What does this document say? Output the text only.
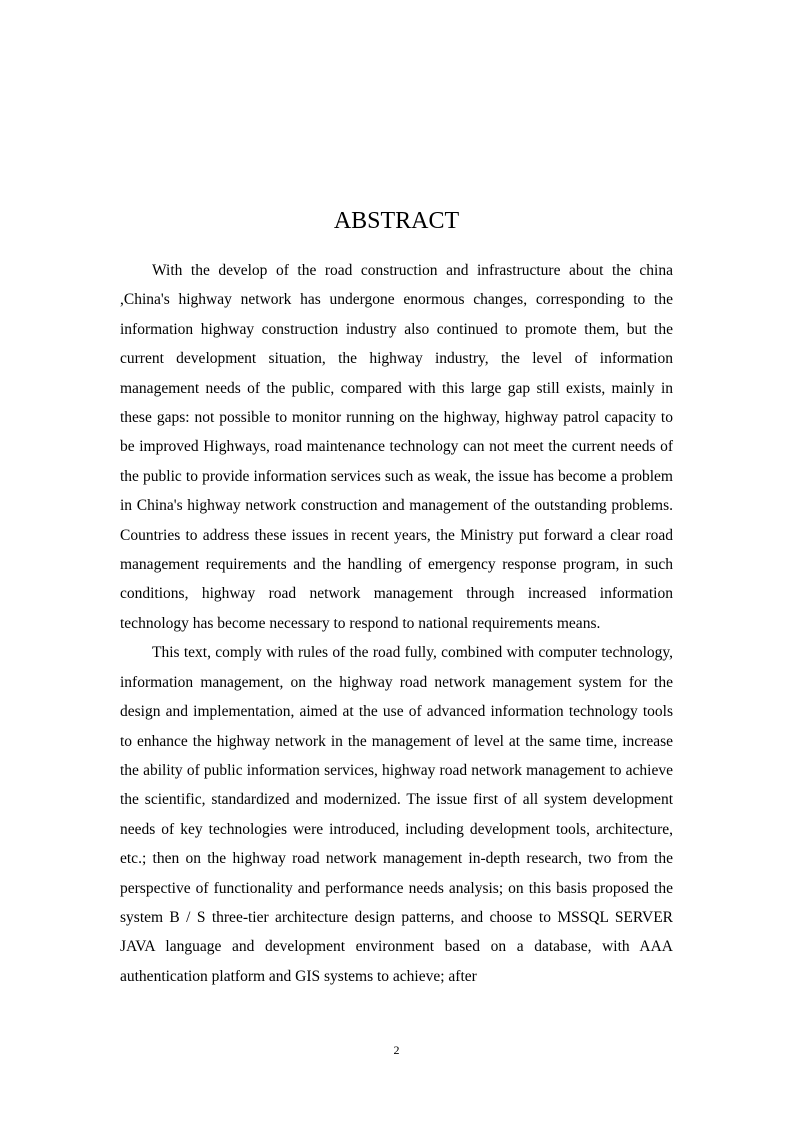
ABSTRACT

With the develop of the road construction and infrastructure about the china ,China's highway network has undergone enormous changes, corresponding to the information highway construction industry also continued to promote them, but the current development situation, the highway industry, the level of information management needs of the public, compared with this large gap still exists, mainly in these gaps: not possible to monitor running on the highway, highway patrol capacity to be improved Highways, road maintenance technology can not meet the current needs of the public to provide information services such as weak, the issue has become a problem in China's highway network construction and management of the outstanding problems. Countries to address these issues in recent years, the Ministry put forward a clear road management requirements and the handling of emergency response program, in such conditions, highway road network management through increased information technology has become necessary to respond to national requirements means.

This text, comply with rules of the road fully, combined with computer technology, information management, on the highway road network management system for the design and implementation, aimed at the use of advanced information technology tools to enhance the highway network in the management of level at the same time, increase the ability of public information services, highway road network management to achieve the scientific, standardized and modernized. The issue first of all system development needs of key technologies were introduced, including development tools, architecture, etc.; then on the highway road network management in-depth research, two from the perspective of functionality and performance needs analysis; on this basis proposed the system B / S three-tier architecture design patterns, and choose to MSSQL SERVER JAVA language and development environment based on a database, with AAA authentication platform and GIS systems to achieve; after

2
